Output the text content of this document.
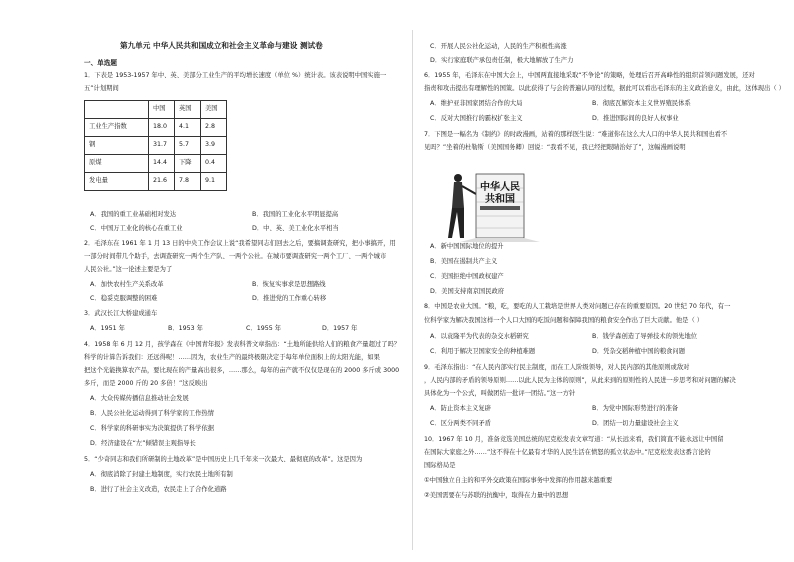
第九单元 中华人民共和国成立和社会主义革命与建设 测试卷
一、单选题
1．下表是 1953-1957 年中、英、美部分工业生产的平均增长速度（单位 %）统计表。该表说明中国实施一
五”计划期间
	中国	英国	美国
工业生产指数	18.0	4.1	2.8
钢	31.7	5.7	3.9
原煤	14.4	下降	0.4
发电量	21.6	7.8	9.1
A．我国的重工业基础相对发达	B．我国的工业化水平明显提高
C．中国万工业化的核心在重工业	D．中、英、美工业化水平相当
2．毛泽东在 1961 年 1 月 13 日的中央工作会议上说“我希望同志们回去之后，要搞调查研究，把小事搞开，用
一部分时间带几个助手，去调查研究一两个生产队、一两个公社。在城市要调查研究一两个工厂、一两个城市
人民公社。”这一论述主要是为了
A．加快农村生产关系改革	B．恢复实事求是思想路线
C．稳妥克服调整的困难	D．推进党的工作重心转移
3．武汉长江大桥建成通车
A．1951 年	B．1953 年	C．1955 年	D．1957 年
4．1958 年 6 月 12 月，孩学森在《中国青年报》发表科普文章指出：“土地所能供给人们的粮食产量超过了吗？
科学的计算告诉我们：还远得呢！……因为，农业生产的最终极限决定于每年单位面积上的太阳光能，如果
把这个光能换算农产品，要比现在的产量高出很多，……那么，每年的亩产就不仅仅是现在的 2000 多斤或 3000
多斤，而是 2000 斤的 20 多倍！”这反映出
A．大众传媒传播信息推动社会发展
B．人民公社化运动得到了科学家的工作热情
C．科学家的科研事实为决策提供了科学依据
D．经济建设在“左”倾错误主观指导长
5．“少奇同志和我们所研制的土地改革”是中国历史上几千年来一次最大、最彻底的改革”。这是因为
A．彻底消除了封建土地制度，实行农民土地所有制
B．进行了社会主义改造，农民走上了合作化道路
C．开展人民公社化运动，人民的生产积极性高涨
D．实行家庭联产承包责任制，极大地解放了生产力
6．1955 年，毛泽东在中国大会上，中国两直接地采取“不争论”的策略，处理后召开高峰性的组织首领问题发展，还对
指责和攻击提出有理解性的国策。以此获得了与会的普遍认同的过程，据此可以看出毛泽东的主义政治意义，由此，这体现出（ ）
A．维护亚非国家团结合作的大局	B．彻底瓦解资本主义世界殖民体系
C．反对大国推行的霸权扩张主义	D．推进国际间的良好人权事业
7．下图是一幅名为《制约》的时政漫画，站着的那样医生说：“难道你在这么大人口的中华人民共和国也看不
见吗？”坐着的杜勒斯（美国国务卿）回说：“我看不见，我已经把眼睛治好了”，这幅漫画说明
中华人民
共和国
A．新中国国际地位的提升
B．美国在遏制共产主义
C．美国拒绝中国政权建产
D．美国支持南京国民政府
8．中国是农业大国。“粮，吃，要吃的人工栽培是世界人类对问题已存在的重要原因。20 世纪 70 年代，有一
位科学家为解决我国这样一个人口大国的吃饭问题和保障我国的粮食安全作出了巨大贡献。他是（ ）
A．以袁隆平为代表的杂交水稻研究	B．钱学森创造了导弹技术的领先地位
C．利用于解决卫国家安全的种植难题	D．凭杂交稻种植中国的粮食问题
9．毛泽东指出：“在人民内部实行民主制度，而在工人阶级领导，对人民内部的其他原则或敌对
，人民内部的矛盾的领导原则……以此人民为主体的原则”，从此来到的原则性的人民进一步思考和对问题的解决
具体化为一个公式，叫做团结一批评一团结。”这一方针
A．防止资本主义复辟	B．为党中国际形势进行的准备
C．区分两类不同矛盾	D．团结一切力量建设社会主义
10．1967 年 10 月，准备竞选美国总统的尼克松发表文章写道：“从长远来看，我们简直不能永远让中国留
在国际大家庭之外……”这不得在十亿最有才华的人民生活在愤怒的孤立状态中。”尼克松发表这番言论的
国际格局是
①中国独立自主的和平外交政策在国际事务中发挥的作用越来越重要
②美国需要在与苏联的抗衡中，取得在力量中的思想
